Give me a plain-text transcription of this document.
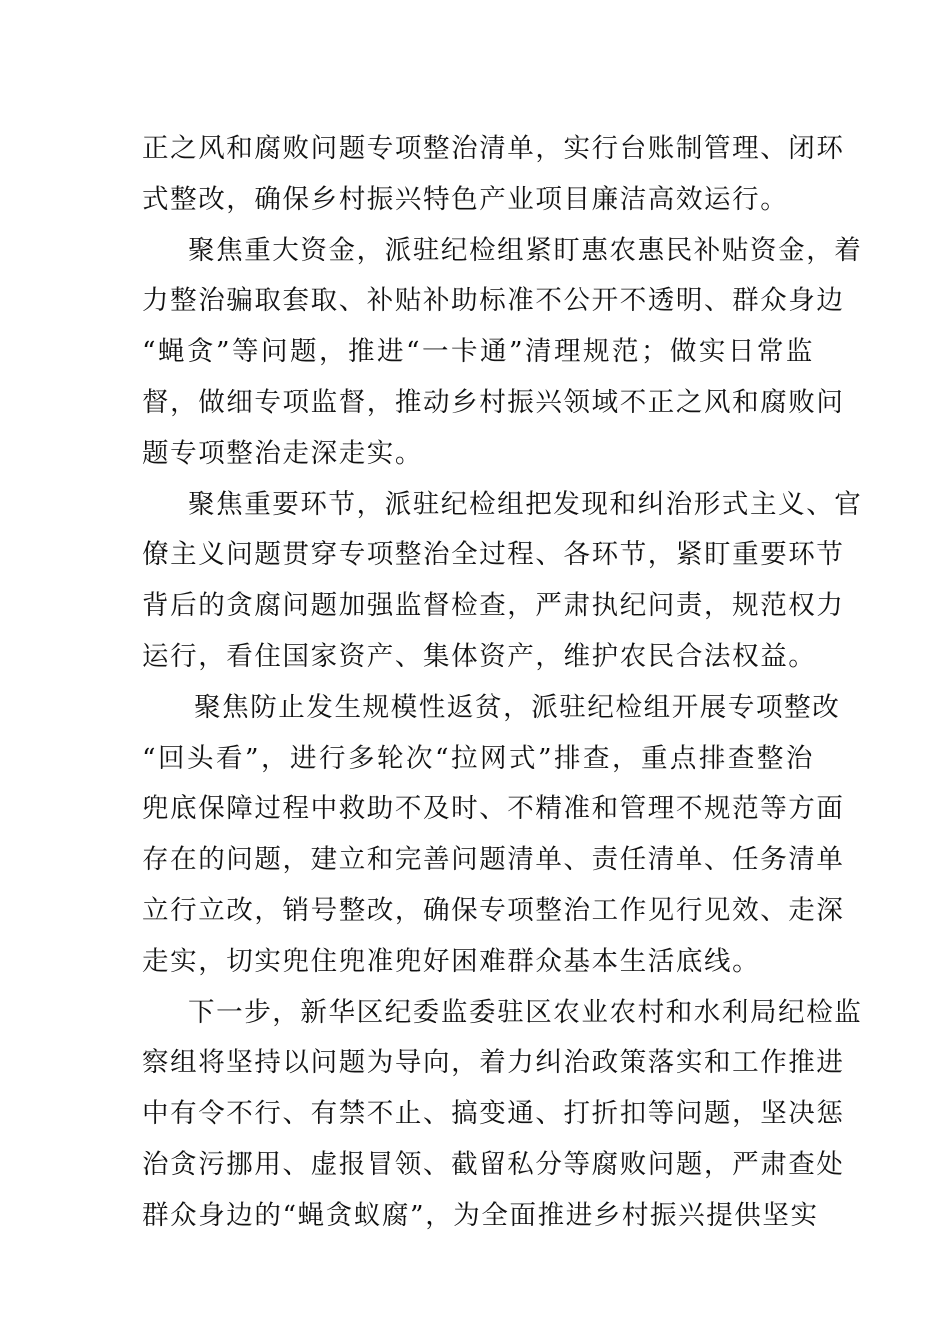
正之风和腐败问题专项整治清单，实行台账制管理、闭环
式整改，确保乡村振兴特色产业项目廉洁高效运行。
聚焦重大资金，派驻纪检组紧盯惠农惠民补贴资金，着
力整治骗取套取、补贴补助标准不公开不透明、群众身边
“蝇贪”等问题，推进“一卡通”清理规范；做实日常监
督，做细专项监督，推动乡村振兴领域不正之风和腐败问
题专项整治走深走实。
聚焦重要环节，派驻纪检组把发现和纠治形式主义、官
僚主义问题贯穿专项整治全过程、各环节，紧盯重要环节
背后的贪腐问题加强监督检查，严肃执纪问责，规范权力
运行，看住国家资产、集体资产，维护农民合法权益。
聚焦防止发生规模性返贫，派驻纪检组开展专项整改
“回头看”，进行多轮次“拉网式”排查，重点排查整治
兜底保障过程中救助不及时、不精准和管理不规范等方面
存在的问题，建立和完善问题清单、责任清单、任务清单
立行立改，销号整改，确保专项整治工作见行见效、走深
走实，切实兜住兜准兜好困难群众基本生活底线。
下一步，新华区纪委监委驻区农业农村和水利局纪检监
察组将坚持以问题为导向，着力纠治政策落实和工作推进
中有令不行、有禁不止、搞变通、打折扣等问题，坚决惩
治贪污挪用、虚报冒领、截留私分等腐败问题，严肃查处
群众身边的“蝇贪蚁腐”，为全面推进乡村振兴提供坚实
